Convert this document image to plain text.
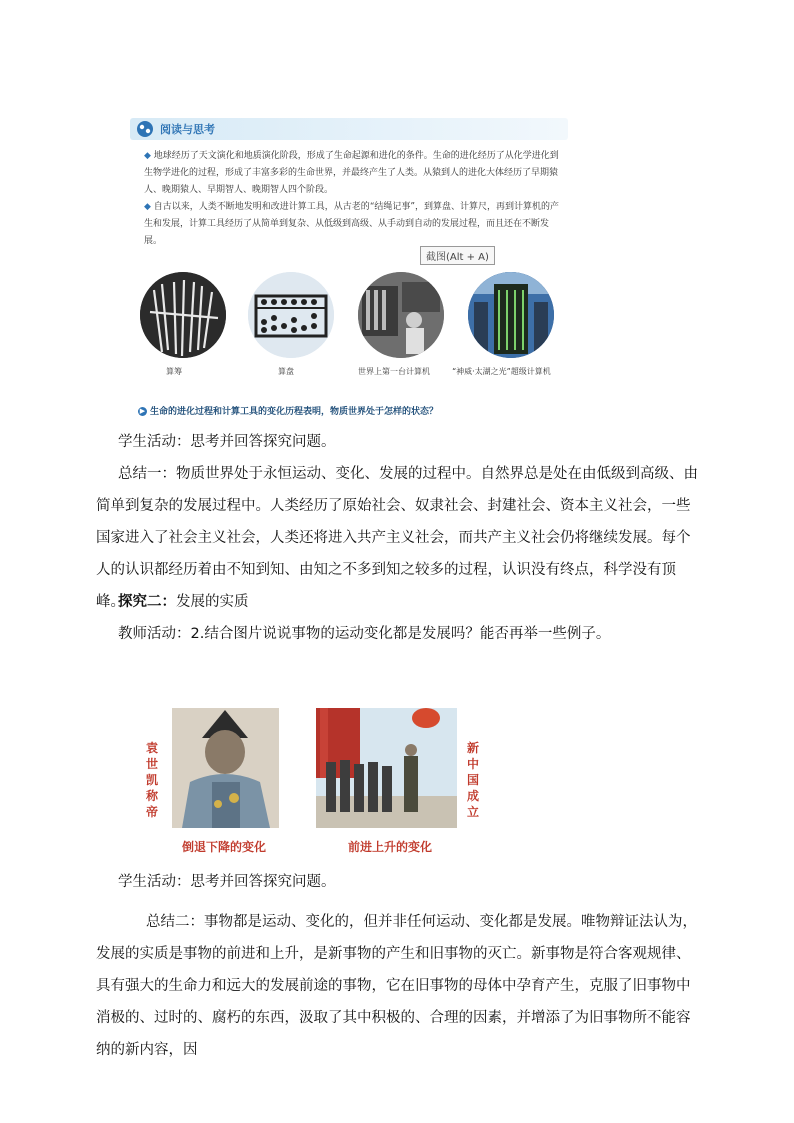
阅读与思考

◆ 地球经历了天文演化和地质演化阶段，形成了生命起源和进化的条件。生命的进化经历了从化学进化到生物学进化的过程，形成了丰富多彩的生命世界，并最终产生了人类。从猿到人的进化大体经历了早期猿人、晚期猿人、早期智人、晚期智人四个阶段。

◆ 自古以来，人类不断地发明和改进计算工具，从古老的“结绳记事”，到算盘、计算尺，再到计算机的产生和发展，计算工具经历了从简单到复杂、从低级到高级、从手动到自动的发展过程，而且还在不断发展。

截图(Alt + A)
算筹	算盘	世界上第一台计算机	“神威·太湖之光”超级计算机
▶ 生命的进化过程和计算工具的变化历程表明，物质世界处于怎样的状态？

学生活动：思考并回答探究问题。

总结一：物质世界处于永恒运动、变化、发展的过程中。自然界总是处在由低级到高级、由简单到复杂的发展过程中。人类经历了原始社会、奴隶社会、封建社会、资本主义社会，一些国家进入了社会主义社会，人类还将进入共产主义社会，而共产主义社会仍将继续发展。每个人的认识都经历着由不知到知、由知之不多到知之较多的过程，认识没有终点，科学没有顶峰。

探究二：发展的实质

教师活动：2.结合图片说说事物的运动变化都是发展吗？能否再举一些例子。

袁世凯称帝
新中国成立
倒退下降的变化	前进上升的变化

学生活动：思考并回答探究问题。

总结二：事物都是运动、变化的，但并非任何运动、变化都是发展。唯物辩证法认为，发展的实质是事物的前进和上升，是新事物的产生和旧事物的灭亡。新事物是符合客观规律、具有强大的生命力和远大的发展前途的事物，它在旧事物的母体中孕育产生，克服了旧事物中消极的、过时的、腐朽的东西，汲取了其中积极的、合理的因素，并增添了为旧事物所不能容纳的新内容，因
